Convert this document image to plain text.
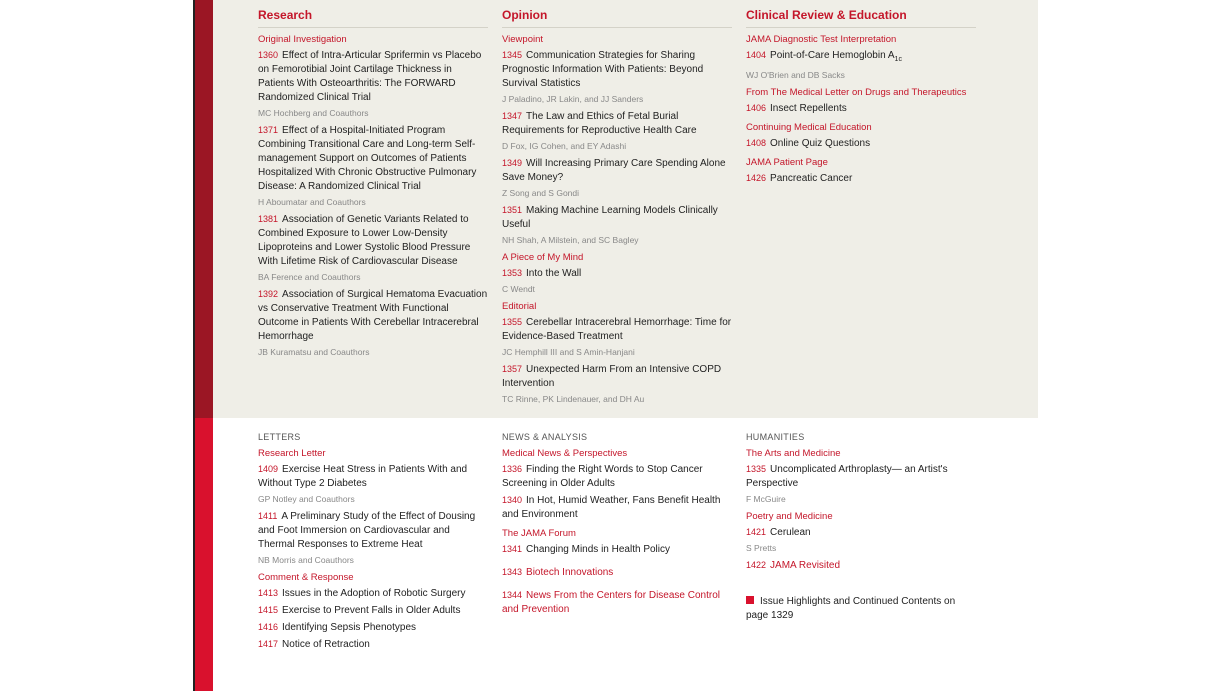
Research
Original Investigation
1360 Effect of Intra-Articular Sprifermin vs Placebo on Femorotibial Joint Cartilage Thickness in Patients With Osteoarthritis: The FORWARD Randomized Clinical Trial
MC Hochberg and Coauthors
1371 Effect of a Hospital-Initiated Program Combining Transitional Care and Long-term Self-management Support on Outcomes of Patients Hospitalized With Chronic Obstructive Pulmonary Disease: A Randomized Clinical Trial
H Aboumatar and Coauthors
1381 Association of Genetic Variants Related to Combined Exposure to Lower Low-Density Lipoproteins and Lower Systolic Blood Pressure With Lifetime Risk of Cardiovascular Disease
BA Ference and Coauthors
1392 Association of Surgical Hematoma Evacuation vs Conservative Treatment With Functional Outcome in Patients With Cerebellar Intracerebral Hemorrhage
JB Kuramatsu and Coauthors
Opinion
Viewpoint
1345 Communication Strategies for Sharing Prognostic Information With Patients: Beyond Survival Statistics
J Paladino, JR Lakin, and JJ Sanders
1347 The Law and Ethics of Fetal Burial Requirements for Reproductive Health Care
D Fox, IG Cohen, and EY Adashi
1349 Will Increasing Primary Care Spending Alone Save Money?
Z Song and S Gondi
1351 Making Machine Learning Models Clinically Useful
NH Shah, A Milstein, and SC Bagley
A Piece of My Mind
1353 Into the Wall
C Wendt
Editorial
1355 Cerebellar Intracerebral Hemorrhage: Time for Evidence-Based Treatment
JC Hemphill III and S Amin-Hanjani
1357 Unexpected Harm From an Intensive COPD Intervention
TC Rinne, PK Lindenauer, and DH Au
Clinical Review & Education
JAMA Diagnostic Test Interpretation
1404 Point-of-Care Hemoglobin $A_{1c}$
WJ O'Brien and DB Sacks
From The Medical Letter on Drugs and Therapeutics
1406 Insect Repellents
Continuing Medical Education
1408 Online Quiz Questions
JAMA Patient Page
1426 Pancreatic Cancer
LETTERS
Research Letter
1409 Exercise Heat Stress in Patients With and Without Type 2 Diabetes
GP Notley and Coauthors
1411 A Preliminary Study of the Effect of Dousing and Foot Immersion on Cardiovascular and Thermal Responses to Extreme Heat
NB Morris and Coauthors
Comment & Response
1413 Issues in the Adoption of Robotic Surgery
1415 Exercise to Prevent Falls in Older Adults
1416 Identifying Sepsis Phenotypes
1417 Notice of Retraction
NEWS & ANALYSIS
Medical News & Perspectives
1336 Finding the Right Words to Stop Cancer Screening in Older Adults
1340 In Hot, Humid Weather, Fans Benefit Health and Environment
The JAMA Forum
1341 Changing Minds in Health Policy
1343 Biotech Innovations
1344 News From the Centers for Disease Control and Prevention
HUMANITIES
The Arts and Medicine
1335 Uncomplicated Arthroplasty— an Artist's Perspective
F McGuire
Poetry and Medicine
1421 Cerulean
S Pretts
1422 JAMA Revisited
Issue Highlights and Continued Contents on page 1329
